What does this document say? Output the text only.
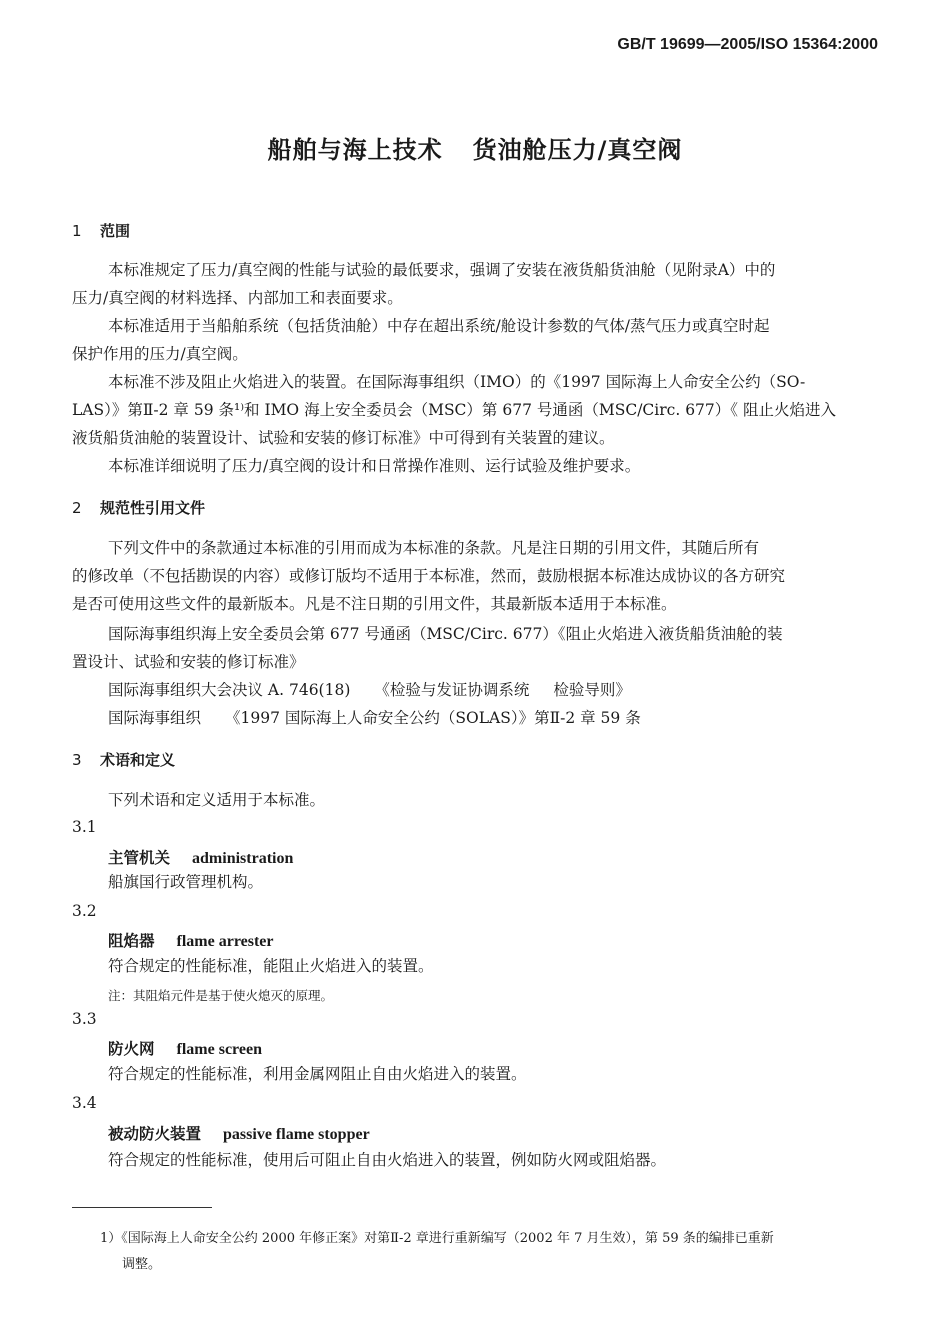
GB/T 19699—2005/ISO 15364:2000
船舶与海上技术 货油舱压力/真空阀
1 范围
本标准规定了压力/真空阀的性能与试验的最低要求，强调了安装在液货船货油舱（见附录A）中的
压力/真空阀的材料选择、内部加工和表面要求。
本标准适用于当船舶系统（包括货油舱）中存在超出系统/舱设计参数的气体/蒸气压力或真空时起
保护作用的压力/真空阀。
本标准不涉及阻止火焰进入的装置。在国际海事组织（IMO）的《1997 国际海上人命安全公约（SO-
LAS）》第Ⅱ-2 章 59 条¹⁾和 IMO 海上安全委员会（MSC）第 677 号通函（MSC/Circ. 677）《 阻止火焰进入
液货船货油舱的装置设计、试验和安装的修订标准》中可得到有关装置的建议。
本标准详细说明了压力/真空阀的设计和日常操作准则、运行试验及维护要求。
2 规范性引用文件
下列文件中的条款通过本标准的引用而成为本标准的条款。凡是注日期的引用文件，其随后所有
的修改单（不包括勘误的内容）或修订版均不适用于本标准，然而，鼓励根据本标准达成协议的各方研究
是否可使用这些文件的最新版本。凡是不注日期的引用文件，其最新版本适用于本标准。
国际海事组织海上安全委员会第 677 号通函（MSC/Circ. 677）《阻止火焰进入液货船货油舱的装
置设计、试验和安装的修订标准》
国际海事组织大会决议 A. 746(18) 《检验与发证协调系统 检验导则》
国际海事组织 《1997 国际海上人命安全公约（SOLAS）》第Ⅱ-2 章 59 条
3 术语和定义
下列术语和定义适用于本标准。
3.1
主管机关 administration
船旗国行政管理机构。
3.2
阻焰器 flame arrester
符合规定的性能标准，能阻止火焰进入的装置。
注：其阻焰元件是基于使火熄灭的原理。
3.3
防火网 flame screen
符合规定的性能标准，利用金属网阻止自由火焰进入的装置。
3.4
被动防火装置 passive flame stopper
符合规定的性能标准，使用后可阻止自由火焰进入的装置，例如防火网或阻焰器。
1）《国际海上人命安全公约 2000 年修正案》对第Ⅱ-2 章进行重新编写（2002 年 7 月生效），第 59 条的编排已重新
调整。
